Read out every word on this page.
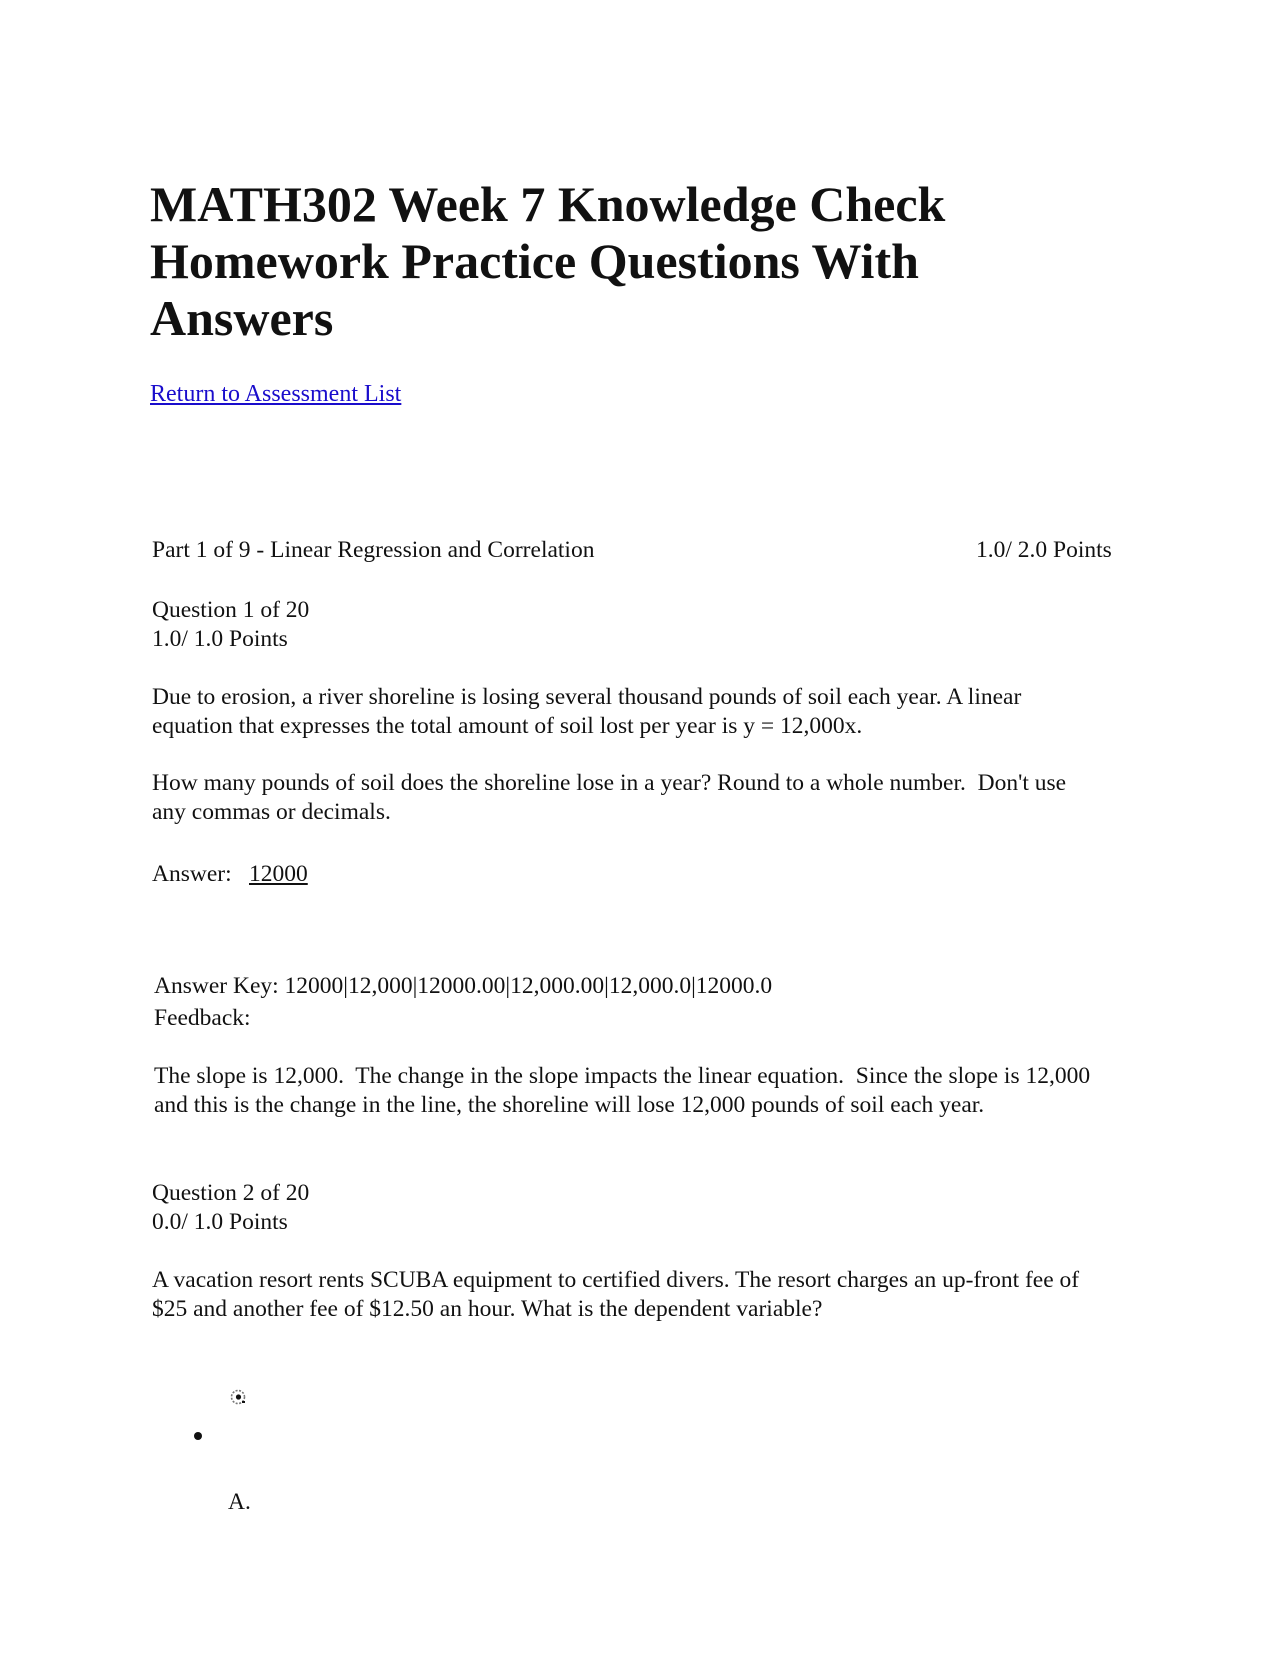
MATH302 Week 7 Knowledge Check Homework Practice Questions With Answers
Return to Assessment List
Part 1 of 9 - Linear Regression and Correlation	1.0/ 2.0 Points
Question 1 of 20
1.0/ 1.0 Points
Due to erosion, a river shoreline is losing several thousand pounds of soil each year. A linear equation that expresses the total amount of soil lost per year is y = 12,000x.
How many pounds of soil does the shoreline lose in a year? Round to a whole number.  Don't use any commas or decimals.
Answer: 12000
Answer Key: 12000|12,000|12000.00|12,000.00|12,000.0|12000.0
Feedback:
The slope is 12,000.  The change in the slope impacts the linear equation.  Since the slope is 12,000 and this is the change in the line, the shoreline will lose 12,000 pounds of soil each year.
Question 2 of 20
0.0/ 1.0 Points
A vacation resort rents SCUBA equipment to certified divers. The resort charges an up-front fee of $25 and another fee of $12.50 an hour. What is the dependent variable?
A.
